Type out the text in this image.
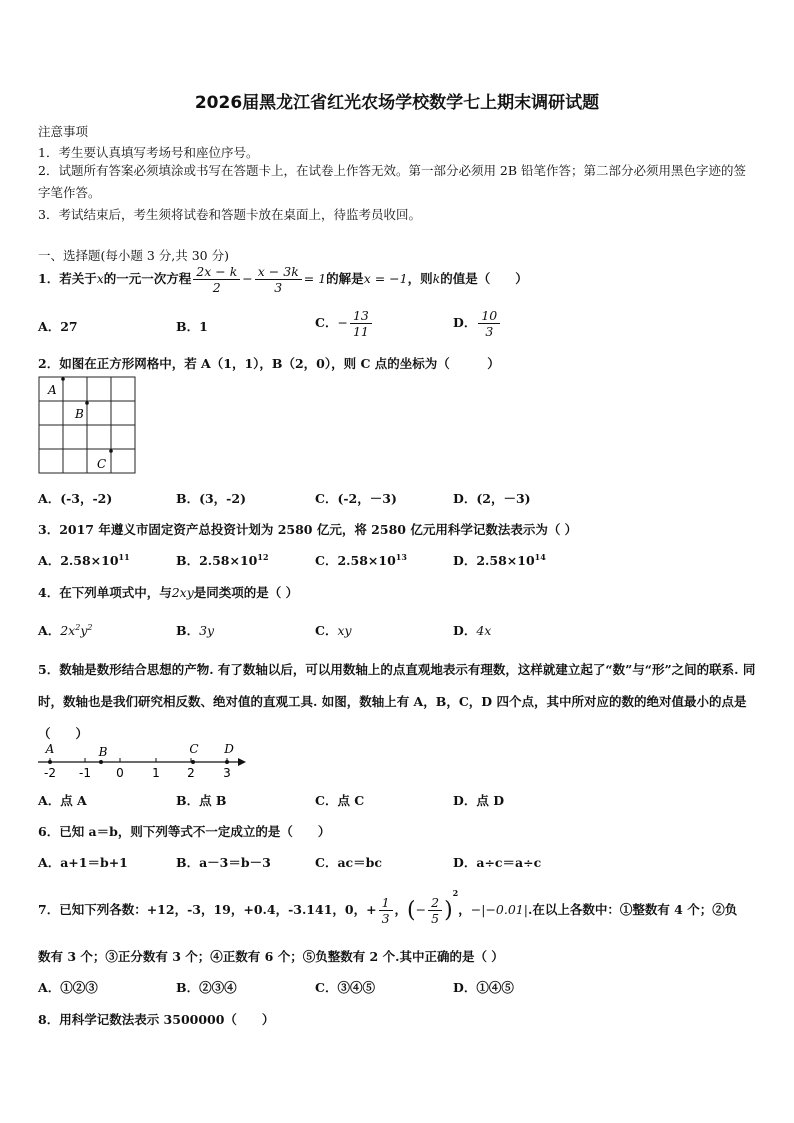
2026届黑龙江省红光农场学校数学七上期末调研试题
注意事项
1．考生要认真填写考场号和座位序号。
2．试题所有答案必须填涂或书写在答题卡上，在试卷上作答无效。第一部分必须用 2B 铅笔作答；第二部分必须用黑色字迹的签字笔作答。
3．考试结束后，考生须将试卷和答题卡放在桌面上，待监考员收回。
一、选择题(每小题 3 分,共 30 分)
1．若关于x的一元一次方程 $\frac{2x - k}{2} - \frac{x - 3k}{3} = 1$的解是x = −1，则k的值是（　　）
A．27	B．1	C．− $\frac{13}{11}$	D． $\frac{10}{3}$
2．如图在正方形网格中，若 A（1，1），B（2，0），则 C 点的坐标为（　　　）
A
B
C
A．(-3，-2)	B．(3，-2)	C．(-2，－3)	D．(2，－3)
3．2017 年遵义市固定资产总投资计划为 2580 亿元，将 2580 亿元用科学记数法表示为（ ）
A．$2.58\times 10^{11}$	B．$2.58\times 10^{12}$	C．$2.58\times 10^{13}$	D．$2.58\times 10^{14}$
4．在下列单项式中，与2xy是同类项的是（ ）
A．$2x^2y^2$	B．3y	C．xy	D．4x
5．数轴是数形结合思想的产物. 有了数轴以后，可以用数轴上的点直观地表示有理数，这样就建立起了“数”与“形”之间的联系. 同时，数轴也是我们研究相反数、绝对值的直观工具. 如图，数轴上有 A，B，C，D 四个点，其中所对应的数的绝对值最小的点是（　　）
-2 -1 0 1 2 3
A	B	C D
A．点 A	B．点 B	C．点 C	D．点 D
6．已知 a＝b，则下列等式不一定成立的是（　　）
A．a+1＝b+1	B．a－3＝b－3	C．ac＝bc	D．a÷c＝a÷c
7．已知下列各数：+12，-3，19，+0.4，-3.141，0，+ $\frac{1}{3}$ ，(− $\frac{2}{5} )^2$，−|−0.01|.在以上各数中：①整数有 4 个；②负
数有 3 个；③正分数有 3 个；④正数有 6 个；⑤负整数有 2 个.其中正确的是（ ）
A．①②③	B．②③④	C．③④⑤	D．①④⑤
8．用科学记数法表示 3500000（　　）
